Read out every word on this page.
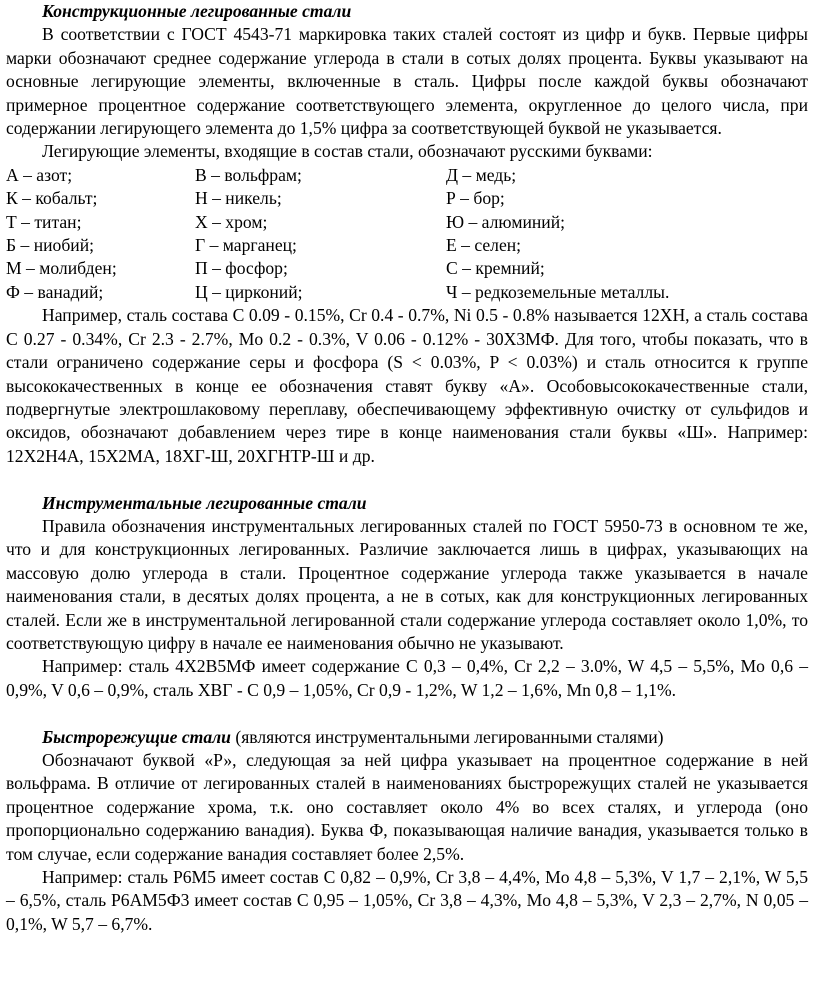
Конструкционные легированные стали

В соответствии с ГОСТ 4543-71 маркировка таких сталей состоят из цифр и букв. Первые цифры марки обозначают среднее содержание углерода в стали в сотых долях процента. Буквы указывают на основные легирующие элементы, включенные в сталь. Цифры после каждой буквы обозначают примерное процентное содержание соответствующего элемента, округленное до целого числа, при содержании легирующего элемента до 1,5% цифра за соответствующей буквой не указывается.

Легирующие элементы, входящие в состав стали, обозначают русскими буквами:

А – азот;	В – вольфрам;	Д – медь;
К – кобальт;	Н – никель;	Р – бор;
Т – титан;	Х – хром;	Ю – алюминий;
Б – ниобий;	Г – марганец;	Е – селен;
М – молибден;	П – фосфор;	С – кремний;
Ф – ванадий;	Ц – цирконий;	Ч – редкоземельные металлы.

Например, сталь состава С 0.09 - 0.15%, Cr 0.4 - 0.7%, Ni 0.5 - 0.8% называется 12ХН, а сталь состава С 0.27 - 0.34%, Cr 2.3 - 2.7%, Mo 0.2 - 0.3%, V 0.06 - 0.12% - 30Х3МФ. Для того, чтобы показать, что в стали ограничено содержание серы и фосфора (S < 0.03%, P < 0.03%) и сталь относится к группе высококачественных в конце ее обозначения ставят букву «А». Особовысококачественные стали, подвергнутые электрошлаковому переплаву, обеспечивающему эффективную очистку от сульфидов и оксидов, обозначают добавлением через тире в конце наименования стали буквы «Ш». Например: 12Х2Н4А, 15Х2МА, 18ХГ-Ш, 20ХГНТР-Ш и др.

Инструментальные легированные стали

Правила обозначения инструментальных легированных сталей по ГОСТ 5950-73 в основном те же, что и для конструкционных легированных. Различие заключается лишь в цифрах, указывающих на массовую долю углерода в стали. Процентное содержание углерода также указывается в начале наименования стали, в десятых долях процента, а не в сотых, как для конструкционных легированных сталей. Если же в инструментальной легированной стали содержание углерода составляет около 1,0%, то соответствующую цифру в начале ее наименования обычно не указывают.

Например: сталь 4Х2В5МФ имеет содержание С 0,3 – 0,4%, Cr 2,2 – 3.0%, W 4,5 – 5,5%, Mo 0,6 – 0,9%, V 0,6 – 0,9%, сталь ХВГ - С 0,9 – 1,05%, Cr 0,9 - 1,2%, W 1,2 – 1,6%, Mn 0,8 – 1,1%.

Быстрорежущие стали (являются инструментальными легированными сталями)

Обозначают буквой «Р», следующая за ней цифра указывает на процентное содержание в ней вольфрама. В отличие от легированных сталей в наименованиях быстрорежущих сталей не указывается процентное содержание хрома, т.к. оно составляет около 4% во всех сталях, и углерода (оно пропорционально содержанию ванадия). Буква Ф, показывающая наличие ванадия, указывается только в том случае, если содержание ванадия составляет более 2,5%.

Например: сталь Р6М5 имеет состав С 0,82 – 0,9%, Cr 3,8 – 4,4%, Mo 4,8 – 5,3%, V 1,7 – 2,1%, W 5,5 – 6,5%, сталь Р6АМ5Ф3 имеет состав С 0,95 – 1,05%, Cr 3,8 – 4,3%, Mo 4,8 – 5,3%, V 2,3 – 2,7%, N 0,05 – 0,1%, W 5,7 – 6,7%.
